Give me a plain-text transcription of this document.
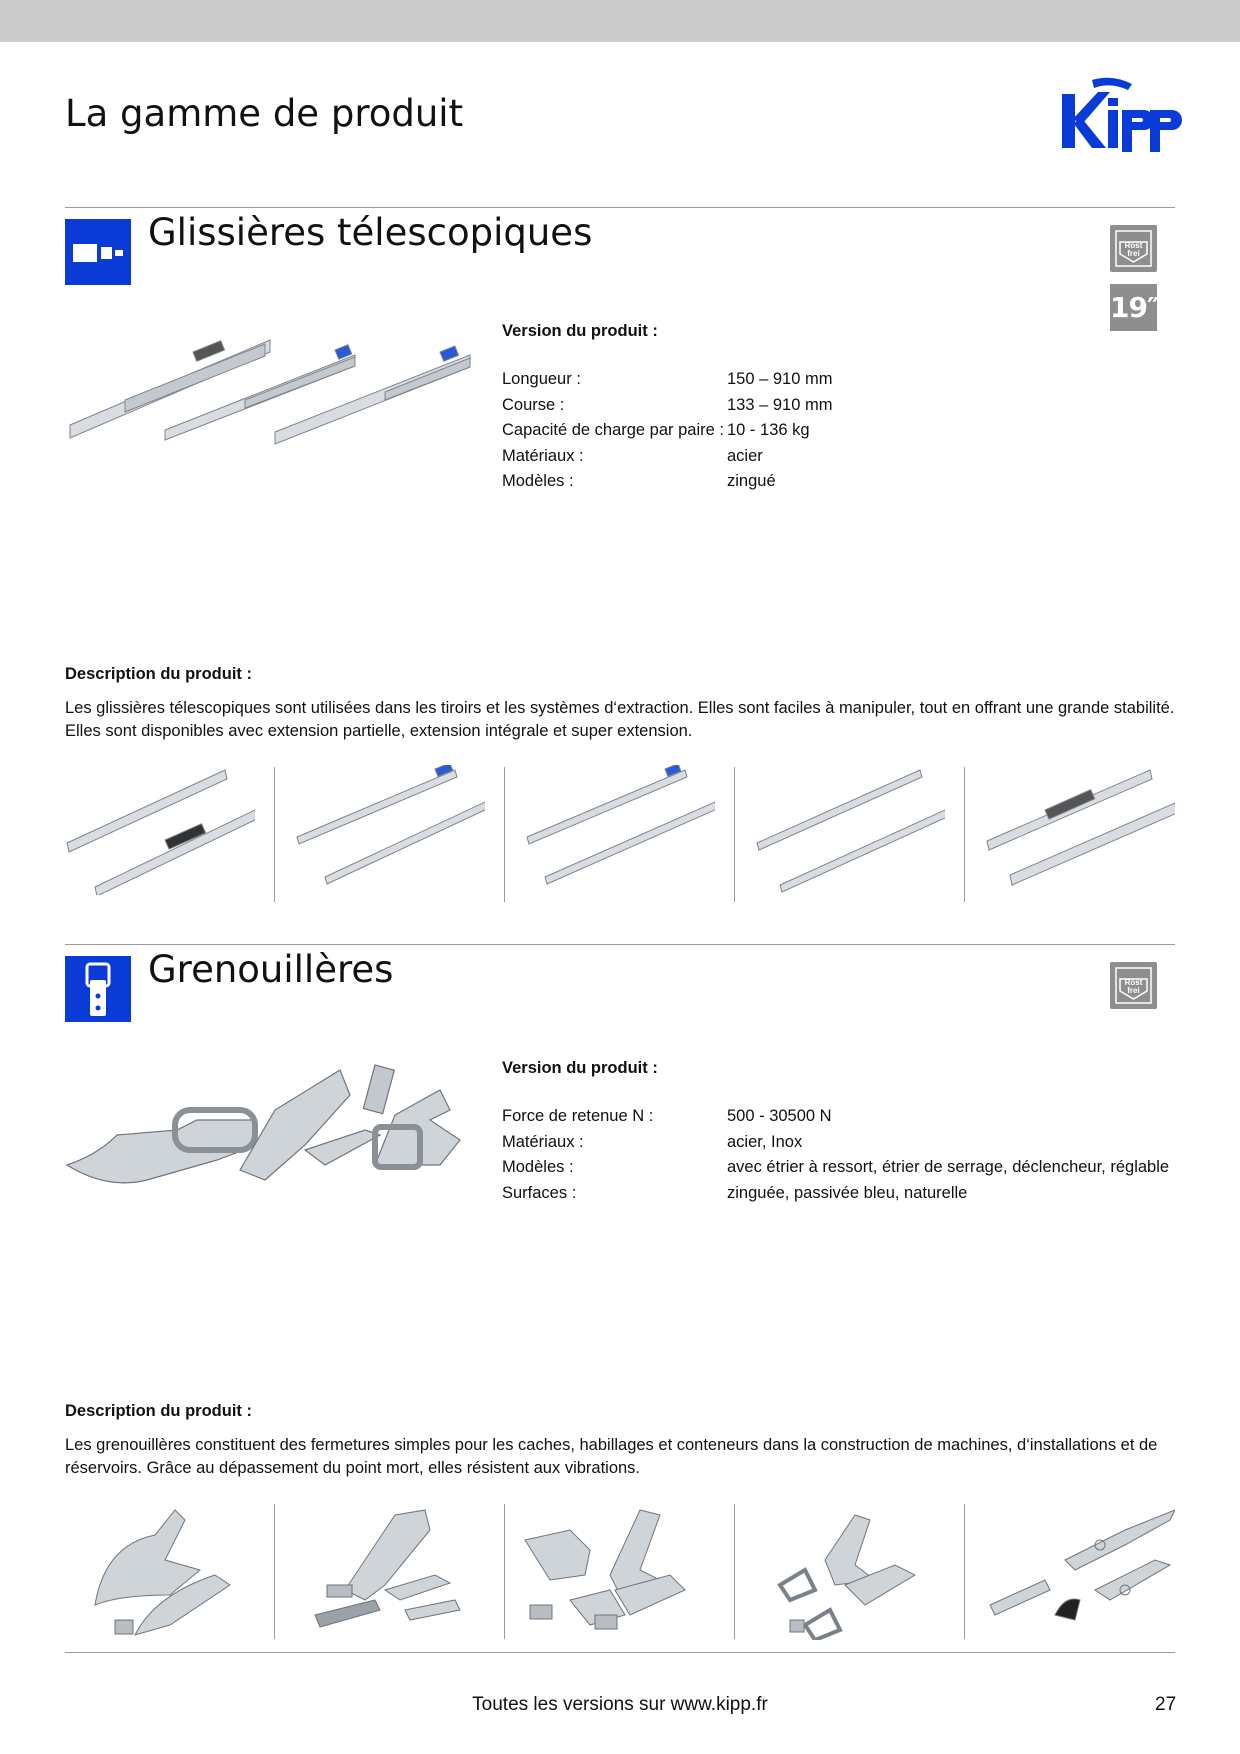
La gamme de produit
Glissières télescopiques	Rost
frei
19″
Version du produit :
Longueur :	150 – 910 mm
Course :	133 – 910 mm
Capacité de charge par paire : 10 - 136 kg
Matériaux :	acier
Modèles :	zingué
Description du produit :
Les glissières télescopiques sont utilisées dans les tiroirs et les systèmes d‘extraction. Elles sont faciles à manipuler, tout en offrant une grande stabilité. Elles sont disponibles avec extension partielle, extension intégrale et super extension.
Grenouillères	Rost
frei
Version du produit :
Force de retenue N :	500 - 30500 N
Matériaux :	acier, Inox
Modèles :	avec étrier à ressort, étrier de serrage, déclencheur, réglable
Surfaces :	zinguée, passivée bleu, naturelle
Description du produit :
Les grenouillères constituent des fermetures simples pour les caches, habillages et conteneurs dans la construction de machines, d‘installations et de réservoirs. Grâce au dépassement du point mort, elles résistent aux vibrations.
Toutes les versions sur www.kipp.fr	27
